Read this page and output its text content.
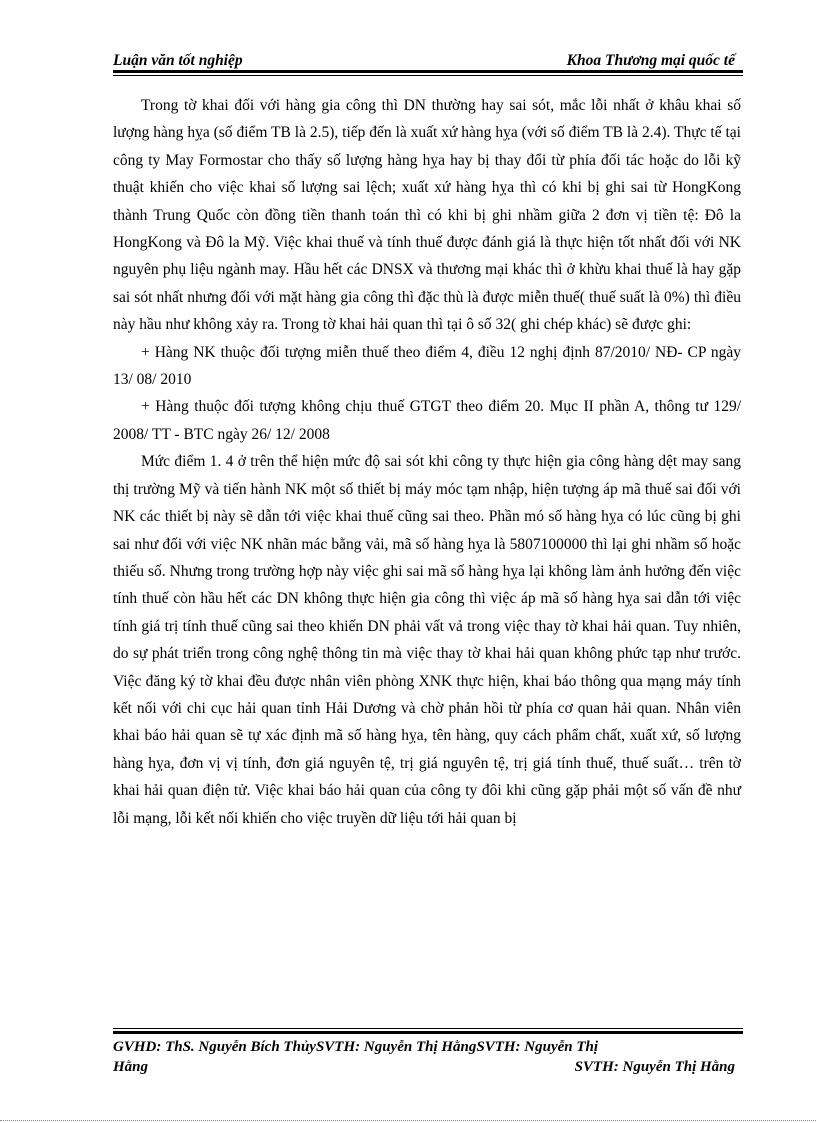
Luận văn tốt nghiệp	Khoa Thương mại quốc tế

Trong tờ khai đối với hàng gia công thì DN thường hay sai sót, mắc lỗi nhất ở khâu khai số lượng hàng hỵa (số điểm TB là 2.5), tiếp đến là xuất xứ hàng hỵa (với số điểm TB là 2.4). Thực tế tại công ty May Formostar cho thấy số lượng hàng hỵa hay bị thay đổi từ phía đối tác hoặc do lỗi kỹ thuật khiến cho việc khai số lượng sai lệch; xuất xứ hàng hỵa thì có khi bị ghi sai từ HongKong thành Trung Quốc còn đồng tiền thanh toán thì có khi bị ghi nhầm giữa 2 đơn vị tiền tệ: Đô la HongKong và Đô la Mỹ. Việc khai thuế và tính thuế được đánh giá là thực hiện tốt nhất đối với NK nguyên phụ liệu ngành may. Hầu hết các DNSX và thương mại khác thì ở khừu khai thuế là hay gặp sai sót nhất nhưng đối với mặt hàng gia công thì đặc thù là được miễn thuế( thuế suất là 0%) thì điều này hầu như không xảy ra. Trong tờ khai hải quan thì tại ô số 32( ghi chép khác) sẽ được ghi:

+ Hàng NK thuộc đối tượng miễn thuế theo điểm 4, điều 12 nghị định 87/2010/ NĐ- CP ngày 13/ 08/ 2010

+ Hàng thuộc đối tượng không chịu thuế GTGT theo điểm 20. Mục II phần A, thông tư 129/ 2008/ TT - BTC ngày 26/ 12/ 2008

Mức điểm 1. 4 ở trên thể hiện mức độ sai sót khi công ty thực hiện gia công hàng dệt may sang thị trường Mỹ và tiến hành NK một số thiết bị máy móc tạm nhập, hiện tượng áp mã thuế sai đối với NK các thiết bị này sẽ dẫn tới việc khai thuế cũng sai theo. Phần mó số hàng hỵa có lúc cũng bị ghi sai như đối với việc NK nhãn mác bằng vải, mã số hàng hỵa là 5807100000 thì lại ghi nhầm số hoặc thiếu số. Nhưng trong trường hợp này việc ghi sai mã số hàng hỵa lại không làm ảnh hưởng đến việc tính thuế còn hầu hết các DN không thực hiện gia công thì việc áp mã số hàng hỵa sai dẫn tới việc tính giá trị tính thuế cũng sai theo khiến DN phải vất vả trong việc thay tờ khai hải quan. Tuy nhiên, do sự phát triển trong công nghệ thông tin mà việc thay tờ khai hải quan không phức tạp như trước. Việc đăng ký tờ khai đều được nhân viên phòng XNK thực hiện, khai báo thông qua mạng máy tính kết nối với chi cục hải quan tỉnh Hải Dương và chờ phản hồi từ phía cơ quan hải quan. Nhân viên khai báo hải quan sẽ tự xác định mã số hàng hỵa, tên hàng, quy cách phẩm chất, xuất xứ, số lượng hàng hỵa, đơn vị vị tính, đơn giá nguyên tệ, trị giá nguyên tệ, trị giá tính thuế, thuế suất… trên tờ khai hải quan điện tử. Việc khai báo hải quan của công ty đôi khi cũng gặp phải một số vấn đề như lỗi mạng, lỗi kết nối khiến cho việc truyền dữ liệu tới hải quan bị

GVHD: ThS. Nguyễn Bích ThủySVTH: Nguyễn Thị HằngSVTH: Nguyễn Thị
Hằng	SVTH: Nguyễn Thị Hằng
